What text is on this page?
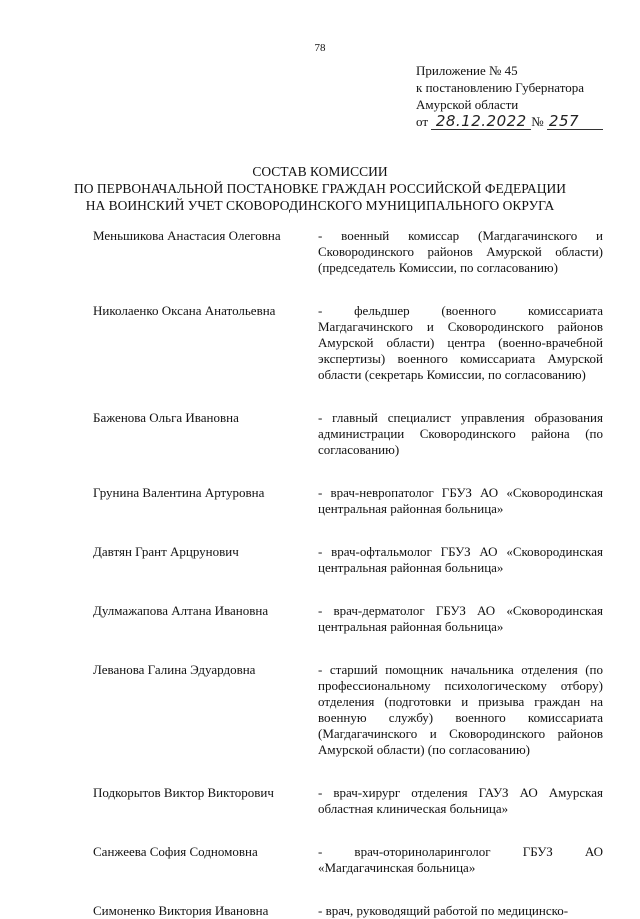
78
Приложение № 45
к постановлению Губернатора
Амурской области
от 28.12.2022 № 257
СОСТАВ КОМИССИИ
ПО ПЕРВОНАЧАЛЬНОЙ ПОСТАНОВКЕ ГРАЖДАН РОССИЙСКОЙ ФЕДЕРАЦИИ
НА ВОИНСКИЙ УЧЕТ СКОВОРОДИНСКОГО МУНИЦИПАЛЬНОГО ОКРУГА
Меньшикова Анастасия Олеговна	- военный комиссар (Магдагачинского и Сковородинского районов Амурской области) (председатель Комиссии, по согласованию)
Николаенко Оксана Анатольевна	- фельдшер (военного комиссариата Магдагачинского и Сковородинского районов Амурской области) центра (военно-врачебной экспертизы) военного комиссариата Амурской области (секретарь Комиссии, по согласованию)
Баженова Ольга Ивановна	- главный специалист управления образования администрации Сковородинского района (по согласованию)
Грунина Валентина Артуровна	- врач-невропатолог ГБУЗ АО «Сковородинская центральная районная больница»
Давтян Грант Арцрунович	- врач-офтальмолог ГБУЗ АО «Сковородинская центральная районная больница»
Дулмажапова Алтана Ивановна	- врач-дерматолог ГБУЗ АО «Сковородинская центральная районная больница»
Леванова Галина Эдуардовна	- старший помощник начальника отделения (по профессиональному психологическому отбору) отделения (подготовки и призыва граждан на военную службу) военного комиссариата (Магдагачинского и Сковородинского районов Амурской области) (по согласованию)
Подкорытов Виктор Викторович	- врач-хирург отделения ГАУЗ АО Амурская областная клиническая больница»
Санжеева София Содномовна	- врач-оториноларинголог ГБУЗ АО «Магдагачинская больница»
Симоненко Виктория Ивановна	- врач, руководящий работой по медицинско-
